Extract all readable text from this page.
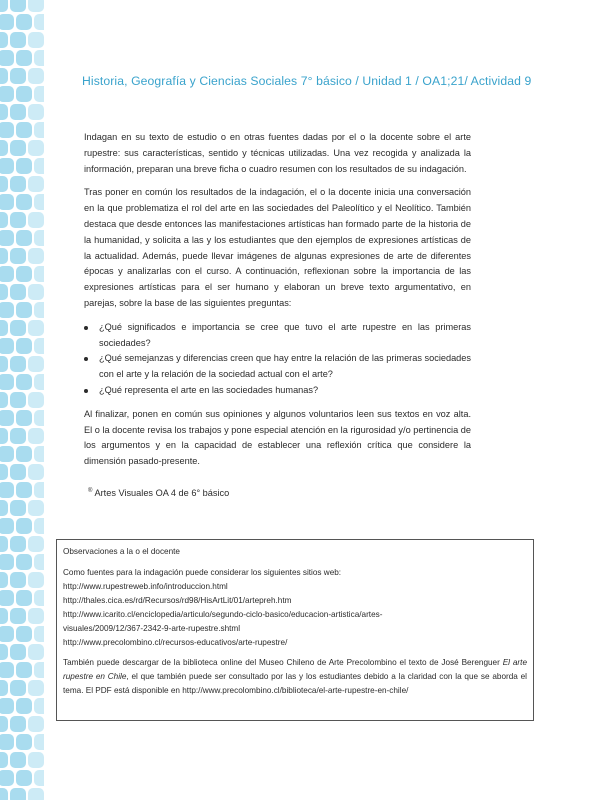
Historia, Geografía y Ciencias Sociales 7° básico / Unidad 1 / OA1;21/ Actividad 9

Indagan en su texto de estudio o en otras fuentes dadas por el o la docente sobre el arte rupestre: sus características, sentido y técnicas utilizadas. Una vez recogida y analizada la información, preparan una breve ficha o cuadro resumen con los resultados de su indagación.

Tras poner en común los resultados de la indagación, el o la docente inicia una conversación en la que problematiza el rol del arte en las sociedades del Paleolítico y el Neolítico. También destaca que desde entonces las manifestaciones artísticas han formado parte de la historia de la humanidad, y solicita a las y los estudiantes que den ejemplos de expresiones artísticas de la actualidad. Además, puede llevar imágenes de algunas expresiones de arte de diferentes épocas y analizarlas con el curso. A continuación, reflexionan sobre la importancia de las expresiones artísticas para el ser humano y elaboran un breve texto argumentativo, en parejas, sobre la base de las siguientes preguntas:

¿Qué significados e importancia se cree que tuvo el arte rupestre en las primeras sociedades?
¿Qué semejanzas y diferencias creen que hay entre la relación de las primeras sociedades con el arte y la relación de la sociedad actual con el arte?
¿Qué representa el arte en las sociedades humanas?

Al finalizar, ponen en común sus opiniones y algunos voluntarios leen sus textos en voz alta. El o la docente revisa los trabajos y pone especial atención en la rigurosidad y/o pertinencia de los argumentos y en la capacidad de establecer una reflexión crítica que considere la dimensión pasado-presente.

® Artes Visuales OA 4 de 6° básico
Observaciones a la o el docente
Como fuentes para la indagación puede considerar los siguientes sitios web:
http://www.rupestreweb.info/introduccion.html
http://thales.cica.es/rd/Recursos/rd98/HisArtLit/01/artepreh.htm
http://www.icarito.cl/enciclopedia/articulo/segundo-ciclo-basico/educacion-artistica/artes-
visuales/2009/12/367-2342-9-arte-rupestre.shtml
http://www.precolombino.cl/recursos-educativos/arte-rupestre/
También puede descargar de la biblioteca online del Museo Chileno de Arte Precolombino el texto de José Berenguer El arte rupestre en Chile, el que también puede ser consultado por las y los estudiantes debido a la claridad con la que se aborda el tema. El PDF está disponible en http://www.precolombino.cl/biblioteca/el-arte-rupestre-en-chile/
